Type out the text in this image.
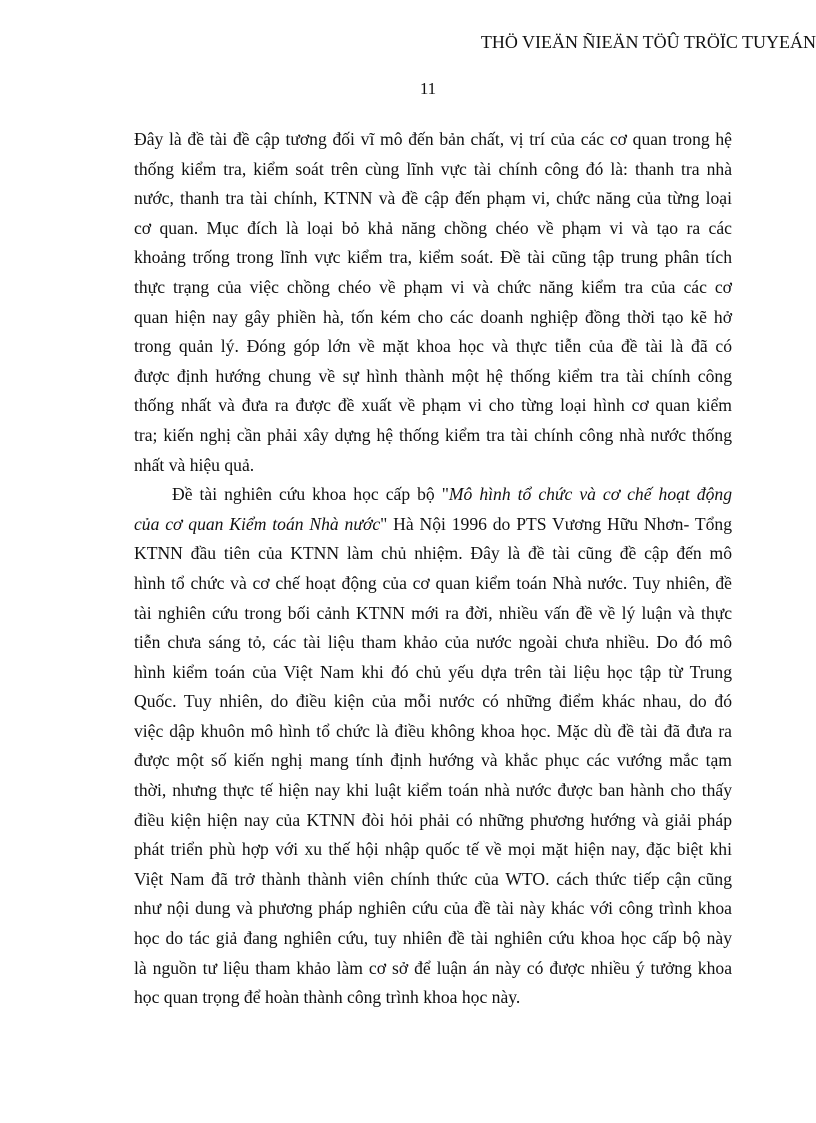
THÖ VIEÄN ÑIEÄN TÖÛ TRÖÏC TUYEÁN
11
Đây là đề tài đề cập tương đối vĩ mô đến bản chất, vị trí của các cơ quan trong hệ
thống kiểm tra, kiểm soát trên cùng lĩnh vực tài chính công đó là: thanh tra nhà
nước, thanh tra tài chính, KTNN và đề cập đến phạm vi, chức năng của từng loại
cơ quan. Mục đích là loại bỏ khả năng chồng chéo về phạm vi và tạo ra các
khoảng trống trong lĩnh vực kiểm tra, kiểm soát. Đề tài cũng tập trung phân tích
thực trạng của việc chồng chéo về phạm vi và chức năng kiểm tra của các cơ
quan hiện nay gây phiền hà, tốn kém cho các doanh nghiệp đồng thời tạo kẽ hở
trong quản lý. Đóng góp lớn về mặt khoa học và thực tiễn của đề tài là đã có
được định hướng chung về sự hình thành một hệ thống kiểm tra tài chính công
thống nhất và đưa ra được đề xuất về phạm vi cho từng loại hình cơ quan kiểm
tra; kiến nghị cần phải xây dựng hệ thống kiểm tra tài chính công nhà nước thống
nhất và hiệu quả.
Đề tài nghiên cứu khoa học cấp bộ "Mô hình tổ chức và cơ chế hoạt động
của cơ quan Kiểm toán Nhà nước" Hà Nội 1996 do PTS Vương Hữu Nhơn- Tổng
KTNN đầu tiên của KTNN làm chủ nhiệm. Đây là đề tài cũng đề cập đến mô
hình tổ chức và cơ chế hoạt động của cơ quan kiểm toán Nhà nước. Tuy nhiên, đề
tài nghiên cứu trong bối cảnh KTNN mới ra đời, nhiều vấn đề về lý luận và thực
tiễn chưa sáng tỏ, các tài liệu tham khảo của nước ngoài chưa nhiều. Do đó mô
hình kiểm toán của Việt Nam khi đó chủ yếu dựa trên tài liệu học tập từ Trung
Quốc. Tuy nhiên, do điều kiện của mỗi nước có những điểm khác nhau, do đó
việc dập khuôn mô hình tổ chức là điều không khoa học. Mặc dù đề tài đã đưa ra
được một số kiến nghị mang tính định hướng và khắc phục các vướng mắc tạm
thời, nhưng thực tế hiện nay khi luật kiểm toán nhà nước được ban hành cho thấy
điều kiện hiện nay của KTNN đòi hỏi phải có những phương hướng và giải pháp
phát triển phù hợp với xu thế hội nhập quốc tế về mọi mặt hiện nay, đặc biệt khi
Việt Nam đã trở thành thành viên chính thức của WTO. cách thức tiếp cận cũng
như nội dung và phương pháp nghiên cứu của đề tài này khác với công trình khoa
học do tác giả đang nghiên cứu, tuy nhiên đề tài nghiên cứu khoa học cấp bộ này
là nguồn tư liệu tham khảo làm cơ sở để luận án này có được nhiều ý tưởng khoa
học quan trọng để hoàn thành công trình khoa học này.
